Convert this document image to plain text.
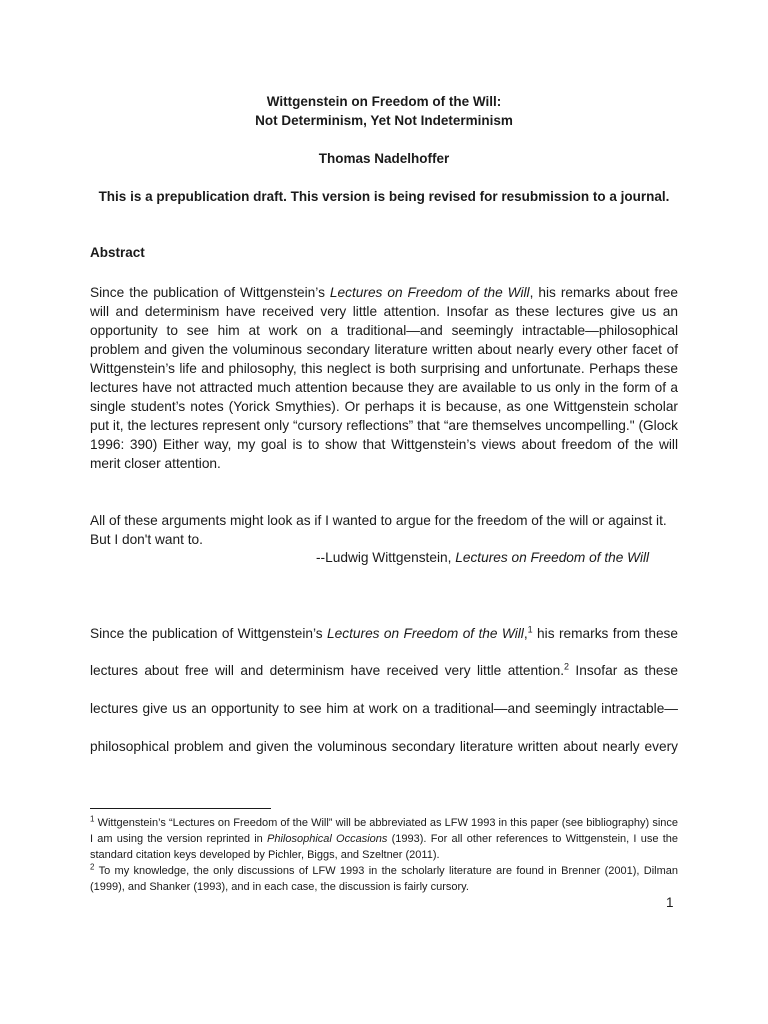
Wittgenstein on Freedom of the Will:
Not Determinism, Yet Not Indeterminism
Thomas Nadelhoffer
This is a prepublication draft. This version is being revised for resubmission to a journal.
Abstract

Since the publication of Wittgenstein’s Lectures on Freedom of the Will, his remarks about free will and determinism have received very little attention. Insofar as these lectures give us an opportunity to see him at work on a traditional—and seemingly intractable—philosophical problem and given the voluminous secondary literature written about nearly every other facet of Wittgenstein’s life and philosophy, this neglect is both surprising and unfortunate. Perhaps these lectures have not attracted much attention because they are available to us only in the form of a single student’s notes (Yorick Smythies). Or perhaps it is because, as one Wittgenstein scholar put it, the lectures represent only “cursory reflections” that “are themselves uncompelling." (Glock 1996: 390) Either way, my goal is to show that Wittgenstein’s views about freedom of the will merit closer attention.

All of these arguments might look as if I wanted to argue for the freedom of the will or against it. But I don't want to.
--Ludwig Wittgenstein, Lectures on Freedom of the Will
Since the publication of Wittgenstein’s Lectures on Freedom of the Will,$^1$ his remarks from these
lectures about free will and determinism have received very little attention.$^2$ Insofar as these
lectures give us an opportunity to see him at work on a traditional—and seemingly intractable—
philosophical problem and given the voluminous secondary literature written about nearly every

$^1$ Wittgenstein’s “Lectures on Freedom of the Will” will be abbreviated as LFW 1993 in this paper (see bibliography) since I am using the version reprinted in Philosophical Occasions (1993). For all other references to Wittgenstein, I use the standard citation keys developed by Pichler, Biggs, and Szeltner (2011).

$^2$ To my knowledge, the only discussions of LFW 1993 in the scholarly literature are found in Brenner (2001), Dilman (1999), and Shanker (1993), and in each case, the discussion is fairly cursory.

1
